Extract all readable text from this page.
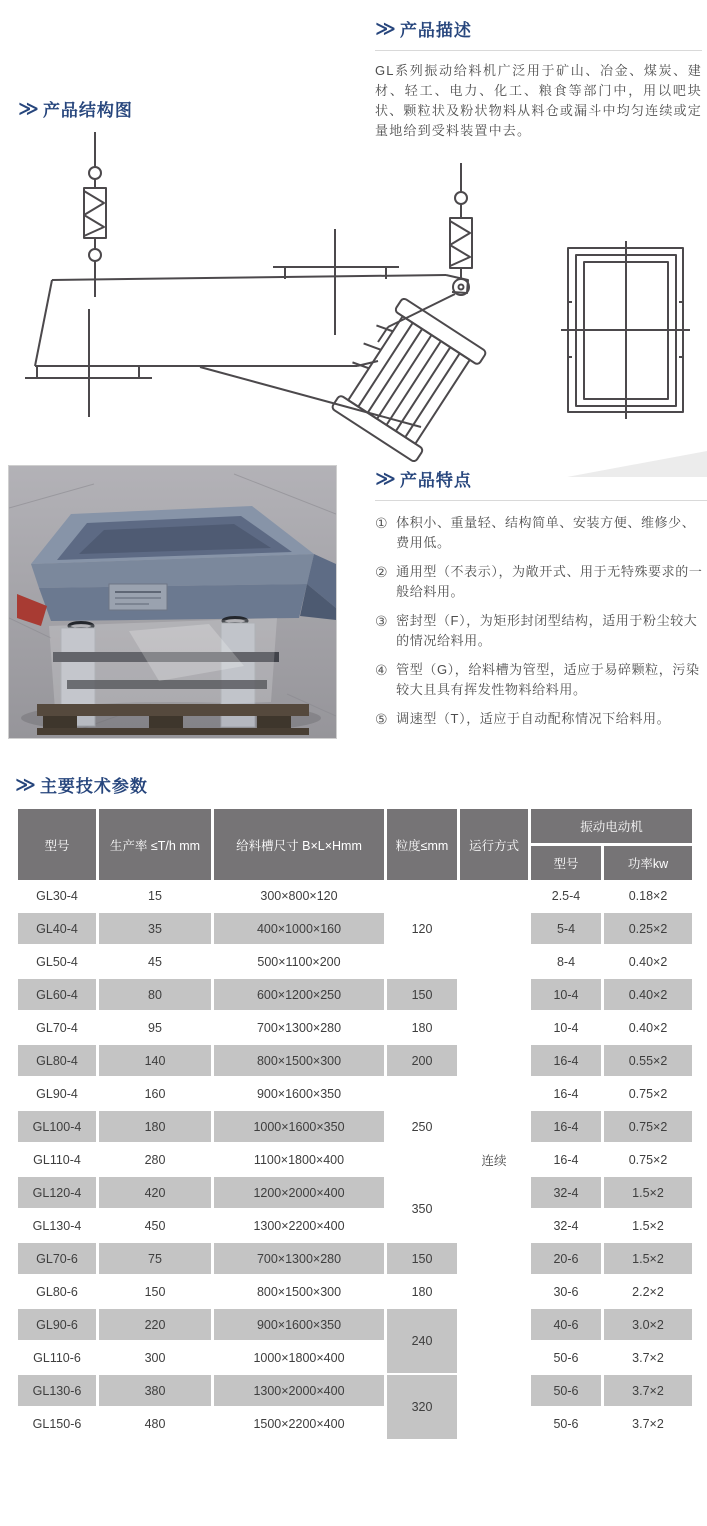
≫ 产品描述

GL系列振动给料机广泛用于矿山、冶金、煤炭、建材、轻工、电力、化工、粮食等部门中，用以吧块状、颗粒状及粉状物料从料仓或漏斗中均匀连续或定量地给到受料装置中去。

≫ 产品结构图
≫ 产品特点
① 体积小、重量轻、结构简单、安装方便、维修少、费用低。
② 通用型（不表示），为敞开式、用于无特殊要求的一般给料用。
③ 密封型（F），为矩形封闭型结构，适用于粉尘较大的情况给料用。
④ 管型（G），给料槽为管型，适应于易碎颗粒，污染较大且具有挥发性物料给料用。
⑤ 调速型（T），适应于自动配称情况下给料用。
≫ 主要技术参数
型号	生产率 ≤T/h mm	给料槽尺寸 B×L×Hmm	粒度≤mm	运行方式	振动电动机	
					型号	功率kw
GL30-4	15	300×800×120	120	连续	2.5-4	0.18×2
GL40-4	35	400×1000×160			5-4	0.25×2
GL50-4	45	500×1100×200			8-4	0.40×2
GL60-4	80	600×1200×250	150		10-4	0.40×2
GL70-4	95	700×1300×280	180		10-4	0.40×2
GL80-4	140	800×1500×300	200		16-4	0.55×2
GL90-4	160	900×1600×350	250		16-4	0.75×2
GL100-4	180	1000×1600×350			16-4	0.75×2
GL110-4	280	1100×1800×400			16-4	0.75×2
GL120-4	420	1200×2000×400	350		32-4	1.5×2
GL130-4	450	1300×2200×400			32-4	1.5×2
GL70-6	75	700×1300×280	150		20-6	1.5×2
GL80-6	150	800×1500×300	180		30-6	2.2×2
GL90-6	220	900×1600×350	240		40-6	3.0×2
GL110-6	300	1000×1800×400			50-6	3.7×2
GL130-6	380	1300×2000×400	320		50-6	3.7×2
GL150-6	480	1500×2200×400			50-6	3.7×2
